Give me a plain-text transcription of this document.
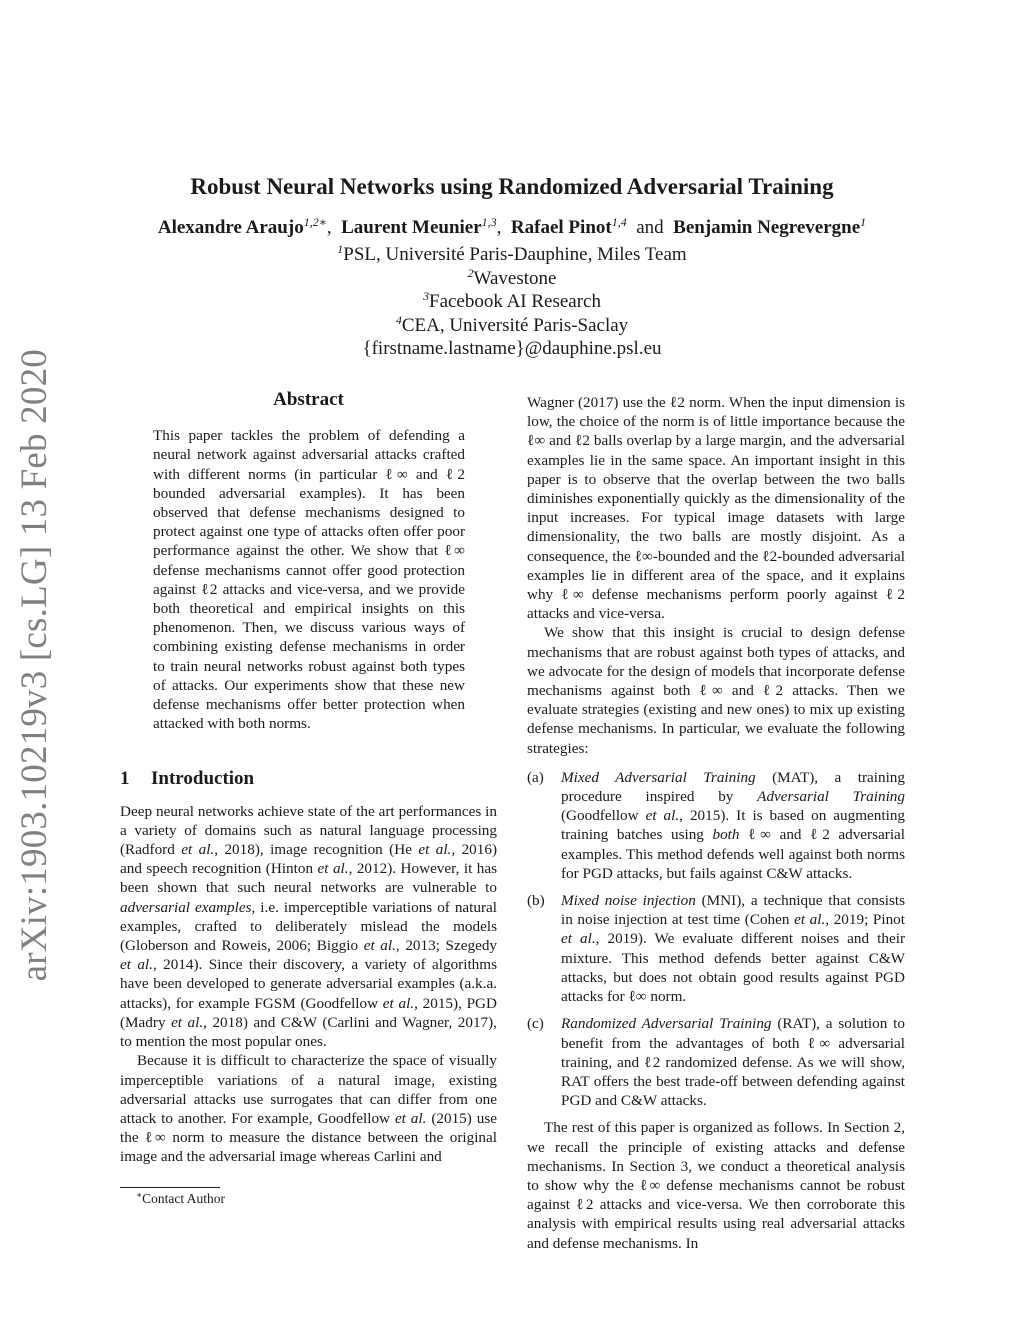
arXiv:1903.10219v3 [cs.LG] 13 Feb 2020
Robust Neural Networks using Randomized Adversarial Training
Alexandre Araujo$^{1,2∗}$, Laurent Meunier$^{1,3}$, Rafael Pinot$^{1,4}$ and Benjamin Negrevergne$^1$
$^1$PSL, Université Paris-Dauphine, Miles Team
$^2$Wavestone
$^3$Facebook AI Research
$^4$CEA, Université Paris-Saclay
{firstname.lastname}@dauphine.psl.eu
Abstract

This paper tackles the problem of defending a neural network against adversarial attacks crafted with different norms (in particular ℓ∞ and ℓ2 bounded adversarial examples). It has been observed that defense mechanisms designed to protect against one type of attacks often offer poor performance against the other. We show that ℓ∞ defense mechanisms cannot offer good protection against ℓ2 attacks and vice-versa, and we provide both theoretical and empirical insights on this phenomenon. Then, we discuss various ways of combining existing defense mechanisms in order to train neural networks robust against both types of attacks. Our experiments show that these new defense mechanisms offer better protection when attacked with both norms.

1 Introduction

Deep neural networks achieve state of the art performances in a variety of domains such as natural language processing (Radford et al., 2018), image recognition (He et al., 2016) and speech recognition (Hinton et al., 2012). However, it has been shown that such neural networks are vulnerable to adversarial examples, i.e. imperceptible variations of natural examples, crafted to deliberately mislead the models (Globerson and Roweis, 2006; Biggio et al., 2013; Szegedy et al., 2014). Since their discovery, a variety of algorithms have been developed to generate adversarial examples (a.k.a. attacks), for example FGSM (Goodfellow et al., 2015), PGD (Madry et al., 2018) and C&W (Carlini and Wagner, 2017), to mention the most popular ones.

Because it is difficult to characterize the space of visually imperceptible variations of a natural image, existing adversarial attacks use surrogates that can differ from one attack to another. For example, Goodfellow et al. (2015) use the ℓ∞ norm to measure the distance between the original image and the adversarial image whereas Carlini and

Wagner (2017) use the ℓ2 norm. When the input dimension is low, the choice of the norm is of little importance because the ℓ∞ and ℓ2 balls overlap by a large margin, and the adversarial examples lie in the same space. An important insight in this paper is to observe that the overlap between the two balls diminishes exponentially quickly as the dimensionality of the input increases. For typical image datasets with large dimensionality, the two balls are mostly disjoint. As a consequence, the ℓ∞-bounded and the ℓ2-bounded adversarial examples lie in different area of the space, and it explains why ℓ∞ defense mechanisms perform poorly against ℓ2 attacks and vice-versa.

We show that this insight is crucial to design defense mechanisms that are robust against both types of attacks, and we advocate for the design of models that incorporate defense mechanisms against both ℓ∞ and ℓ2 attacks. Then we evaluate strategies (existing and new ones) to mix up existing defense mechanisms. In particular, we evaluate the following strategies:

(a)	Mixed Adversarial Training (MAT), a training procedure inspired by Adversarial Training (Goodfellow et al., 2015). It is based on augmenting training batches using both ℓ∞ and ℓ2 adversarial examples. This method defends well against both norms for PGD attacks, but fails against C&W attacks.
(b)	Mixed noise injection (MNI), a technique that consists in noise injection at test time (Cohen et al., 2019; Pinot et al., 2019). We evaluate different noises and their mixture. This method defends better against C&W attacks, but does not obtain good results against PGD attacks for ℓ∞ norm.
(c)	Randomized Adversarial Training (RAT), a solution to benefit from the advantages of both ℓ∞ adversarial training, and ℓ2 randomized defense. As we will show, RAT offers the best trade-off between defending against PGD and C&W attacks.

The rest of this paper is organized as follows. In Section 2, we recall the principle of existing attacks and defense mechanisms. In Section 3, we conduct a theoretical analysis to show why the ℓ∞ defense mechanisms cannot be robust against ℓ2 attacks and vice-versa. We then corroborate this analysis with empirical results using real adversarial attacks and defense mechanisms. In

∗Contact Author
